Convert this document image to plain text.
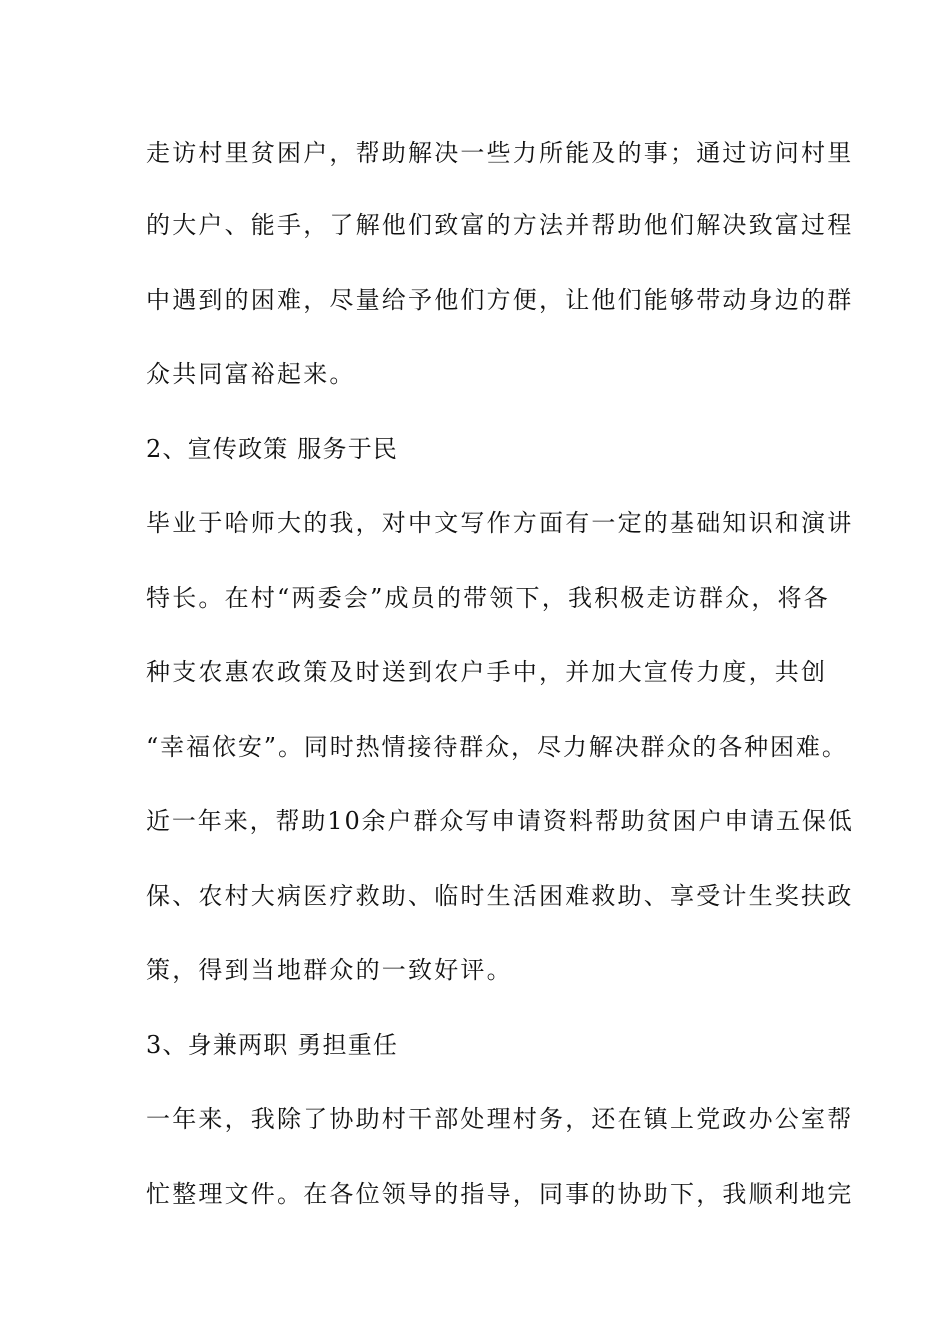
走访村里贫困户，帮助解决一些力所能及的事；通过访问村里
的大户、能手，了解他们致富的方法并帮助他们解决致富过程
中遇到的困难，尽量给予他们方便，让他们能够带动身边的群
众共同富裕起来。
2、宣传政策 服务于民
毕业于哈师大的我，对中文写作方面有一定的基础知识和演讲
特长。在村“两委会”成员的带领下，我积极走访群众，将各
种支农惠农政策及时送到农户手中，并加大宣传力度，共创
“幸福依安”。同时热情接待群众，尽力解决群众的各种困难。
近一年来，帮助10余户群众写申请资料帮助贫困户申请五保低
保、农村大病医疗救助、临时生活困难救助、享受计生奖扶政
策，得到当地群众的一致好评。
3、身兼两职 勇担重任
一年来，我除了协助村干部处理村务，还在镇上党政办公室帮
忙整理文件。在各位领导的指导，同事的协助下，我顺利地完
